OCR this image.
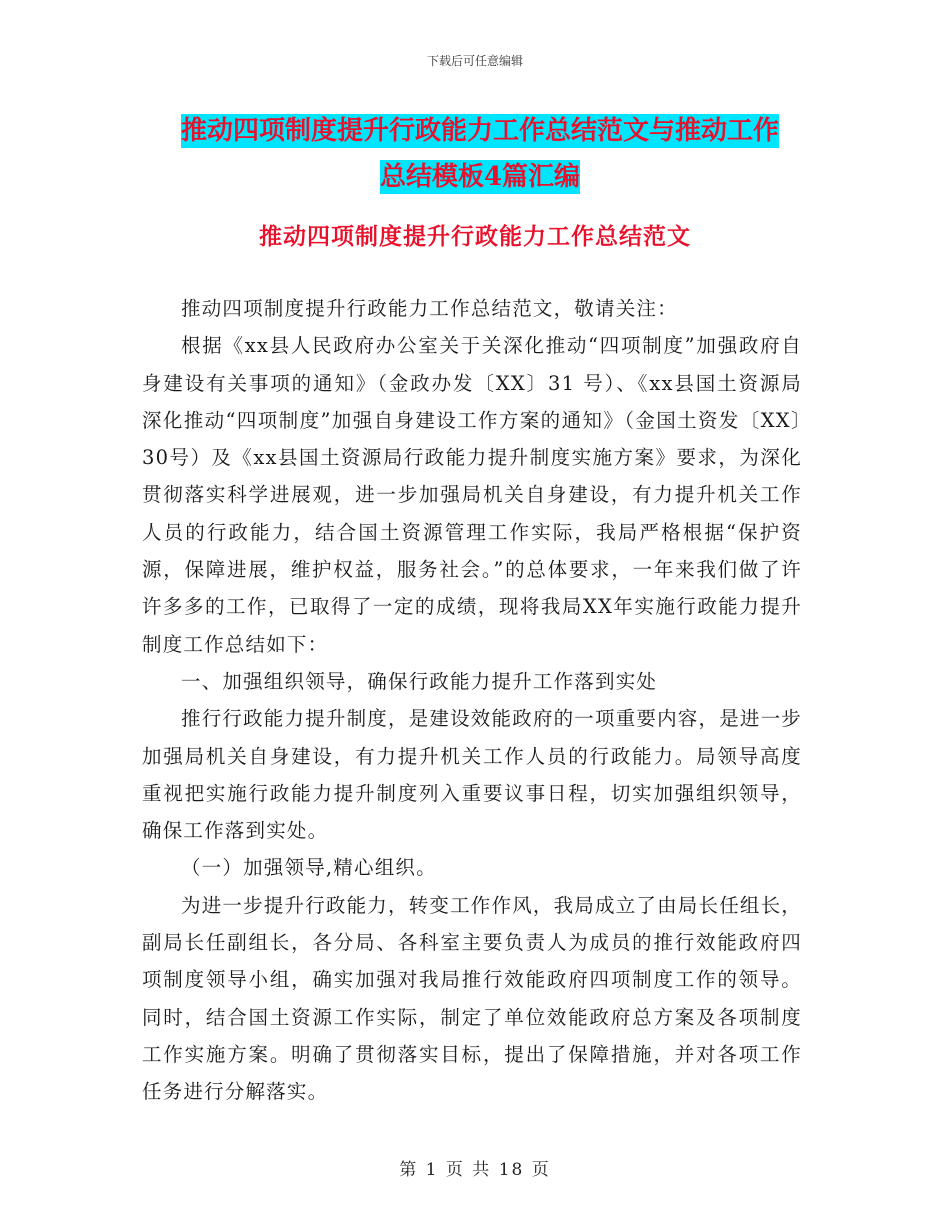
下载后可任意编辑
推动四项制度提升行政能力工作总结范文与推动工作
总结模板4篇汇编
推动四项制度提升行政能力工作总结范文

推动四项制度提升行政能力工作总结范文，敬请关注：

根据《xx县人民政府办公室关于关深化推动“四项制度”加强政府自身建设有关事项的通知》（金政办发〔XX〕31 号）、《xx县国土资源局深化推动“四项制度”加强自身建设工作方案的通知》（金国土资发〔XX〕30号）及《xx县国土资源局行政能力提升制度实施方案》要求，为深化贯彻落实科学进展观，进一步加强局机关自身建设，有力提升机关工作人员的行政能力，结合国土资源管理工作实际，我局严格根据“保护资源，保障进展，维护权益，服务社会。”的总体要求，一年来我们做了许许多多的工作，已取得了一定的成绩，现将我局XX年实施行政能力提升制度工作总结如下：

一、加强组织领导，确保行政能力提升工作落到实处

推行行政能力提升制度，是建设效能政府的一项重要内容，是进一步加强局机关自身建设，有力提升机关工作人员的行政能力。局领导高度重视把实施行政能力提升制度列入重要议事日程，切实加强组织领导，确保工作落到实处。

（一）加强领导,精心组织。

为进一步提升行政能力，转变工作作风，我局成立了由局长任组长，副局长任副组长，各分局、各科室主要负责人为成员的推行效能政府四项制度领导小组，确实加强对我局推行效能政府四项制度工作的领导。同时，结合国土资源工作实际，制定了单位效能政府总方案及各项制度工作实施方案。明确了贯彻落实目标，提出了保障措施，并对各项工作任务进行分解落实。

第 1 页 共 18 页
